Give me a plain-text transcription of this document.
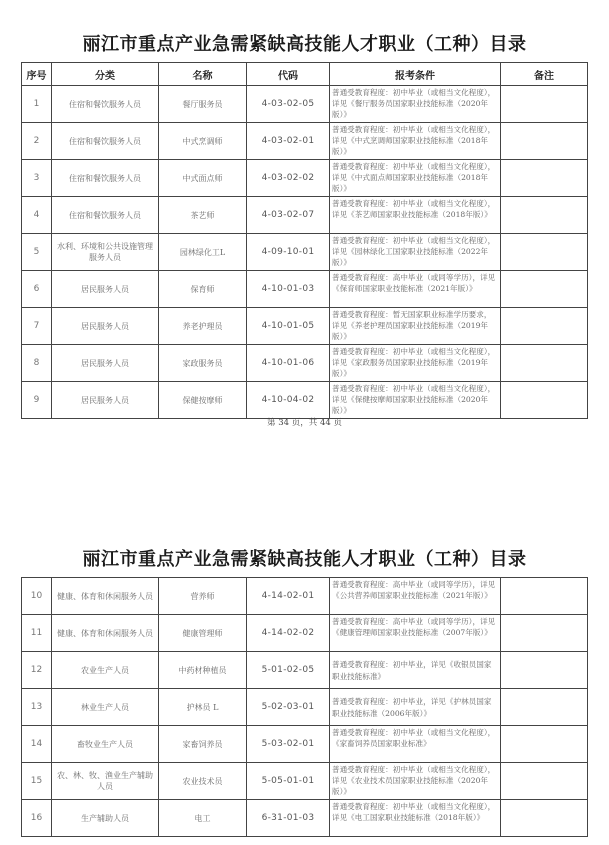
丽江市重点产业急需紧缺高技能人才职业（工种）目录
序号	分类	名称	代码	报考条件	备注
1	住宿和餐饮服务人员	餐厅服务员	4-03-02-05	普通受教育程度：初中毕业（或相当文化程度），详见《餐厅服务员国家职业技能标准（2020年版）》	
2	住宿和餐饮服务人员	中式烹调师	4-03-02-01	普通受教育程度：初中毕业（或相当文化程度），详见《中式烹调师国家职业技能标准（2018年版）》	
3	住宿和餐饮服务人员	中式面点师	4-03-02-02	普通受教育程度：初中毕业（或相当文化程度），详见《中式面点师国家职业技能标准（2018年版）》	
4	住宿和餐饮服务人员	茶艺师	4-03-02-07	普通受教育程度：初中毕业（或相当文化程度），详见《茶艺师国家职业技能标准（2018年版）》	
5	水利、环境和公共设施管理服务人员	园林绿化工L	4-09-10-01	普通受教育程度：初中毕业（或相当文化程度），详见《园林绿化工国家职业技能标准（2022年版）》	
6	居民服务人员	保育师	4-10-01-03	普通受教育程度：高中毕业（或同等学历），详见《保育师国家职业技能标准（2021年版）》	
7	居民服务人员	养老护理员	4-10-01-05	普通受教育程度：暂无国家职业标准学历要求，详见《养老护理员国家职业技能标准（2019年版）》	
8	居民服务人员	家政服务员	4-10-01-06	普通受教育程度：初中毕业（或相当文化程度），详见《家政服务员国家职业技能标准（2019年版）》	
9	居民服务人员	保健按摩师	4-10-04-02	普通受教育程度：初中毕业（或相当文化程度），详见《保健按摩师国家职业技能标准（2020年版）》	
第 34 页，共 44 页
丽江市重点产业急需紧缺高技能人才职业（工种）目录
10	健康、体育和休闲服务人员	营养师	4-14-02-01	普通受教育程度：高中毕业（或同等学历），详见《公共营养师国家职业技能标准（2021年版）》	
11	健康、体育和休闲服务人员	健康管理师	4-14-02-02	普通受教育程度：高中毕业（或同等学历），详见《健康管理师国家职业技能标准（2007年版）》	
12	农业生产人员	中药材种植员	5-01-02-05	普通受教育程度：初中毕业，详见《收银员国家职业技能标准》	
13	林业生产人员	护林员 L	5-02-03-01	普通受教育程度：初中毕业，详见《护林员国家职业技能标准（2006年版）》	
14	畜牧业生产人员	家畜饲养员	5-03-02-01	普通受教育程度：初中毕业（或相当文化程度），《家畜饲养员国家职业标准》	
15	农、林、牧、渔业生产辅助人员	农业技术员	5-05-01-01	普通受教育程度：初中毕业（或相当文化程度），详见《农业技术员国家职业技能标准（2020年版）》	
16	生产辅助人员	电工	6-31-01-03	普通受教育程度：初中毕业（或相当文化程度），详见《电工国家职业技能标准（2018年版）》	
